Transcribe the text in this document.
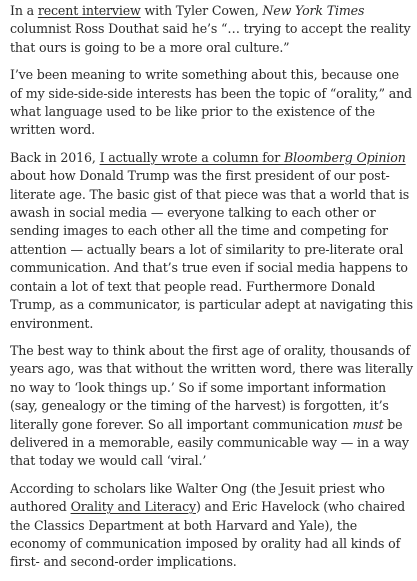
In a recent interview with Tyler Cowen, New York Times columnist Ross Douthat said he’s “… trying to accept the reality that ours is going to be a more oral culture.”

I’ve been meaning to write something about this, because one of my side-side-side interests has been the topic of “orality,” and what language used to be like prior to the existence of the written word.

Back in 2016, I actually wrote a column for Bloomberg Opinion about how Donald Trump was the first president of our post-literate age. The basic gist of that piece was that a world that is awash in social media — everyone talking to each other or sending images to each other all the time and competing for attention — actually bears a lot of similarity to pre-literate oral communication. And that’s true even if social media happens to contain a lot of text that people read. Furthermore Donald Trump, as a communicator, is particular adept at navigating this environment.

The best way to think about the first age of orality, thousands of years ago, was that without the written word, there was literally no way to ‘look things up.’ So if some important information (say, genealogy or the timing of the harvest) is forgotten, it’s literally gone forever. So all important communication must be delivered in a memorable, easily communicable way — in a way that today we would call ‘viral.’

According to scholars like Walter Ong (the Jesuit priest who authored Orality and Literacy) and Eric Havelock (who chaired the Classics Department at both Harvard and Yale), the economy of communication imposed by orality had all kinds of first- and second-order implications.
